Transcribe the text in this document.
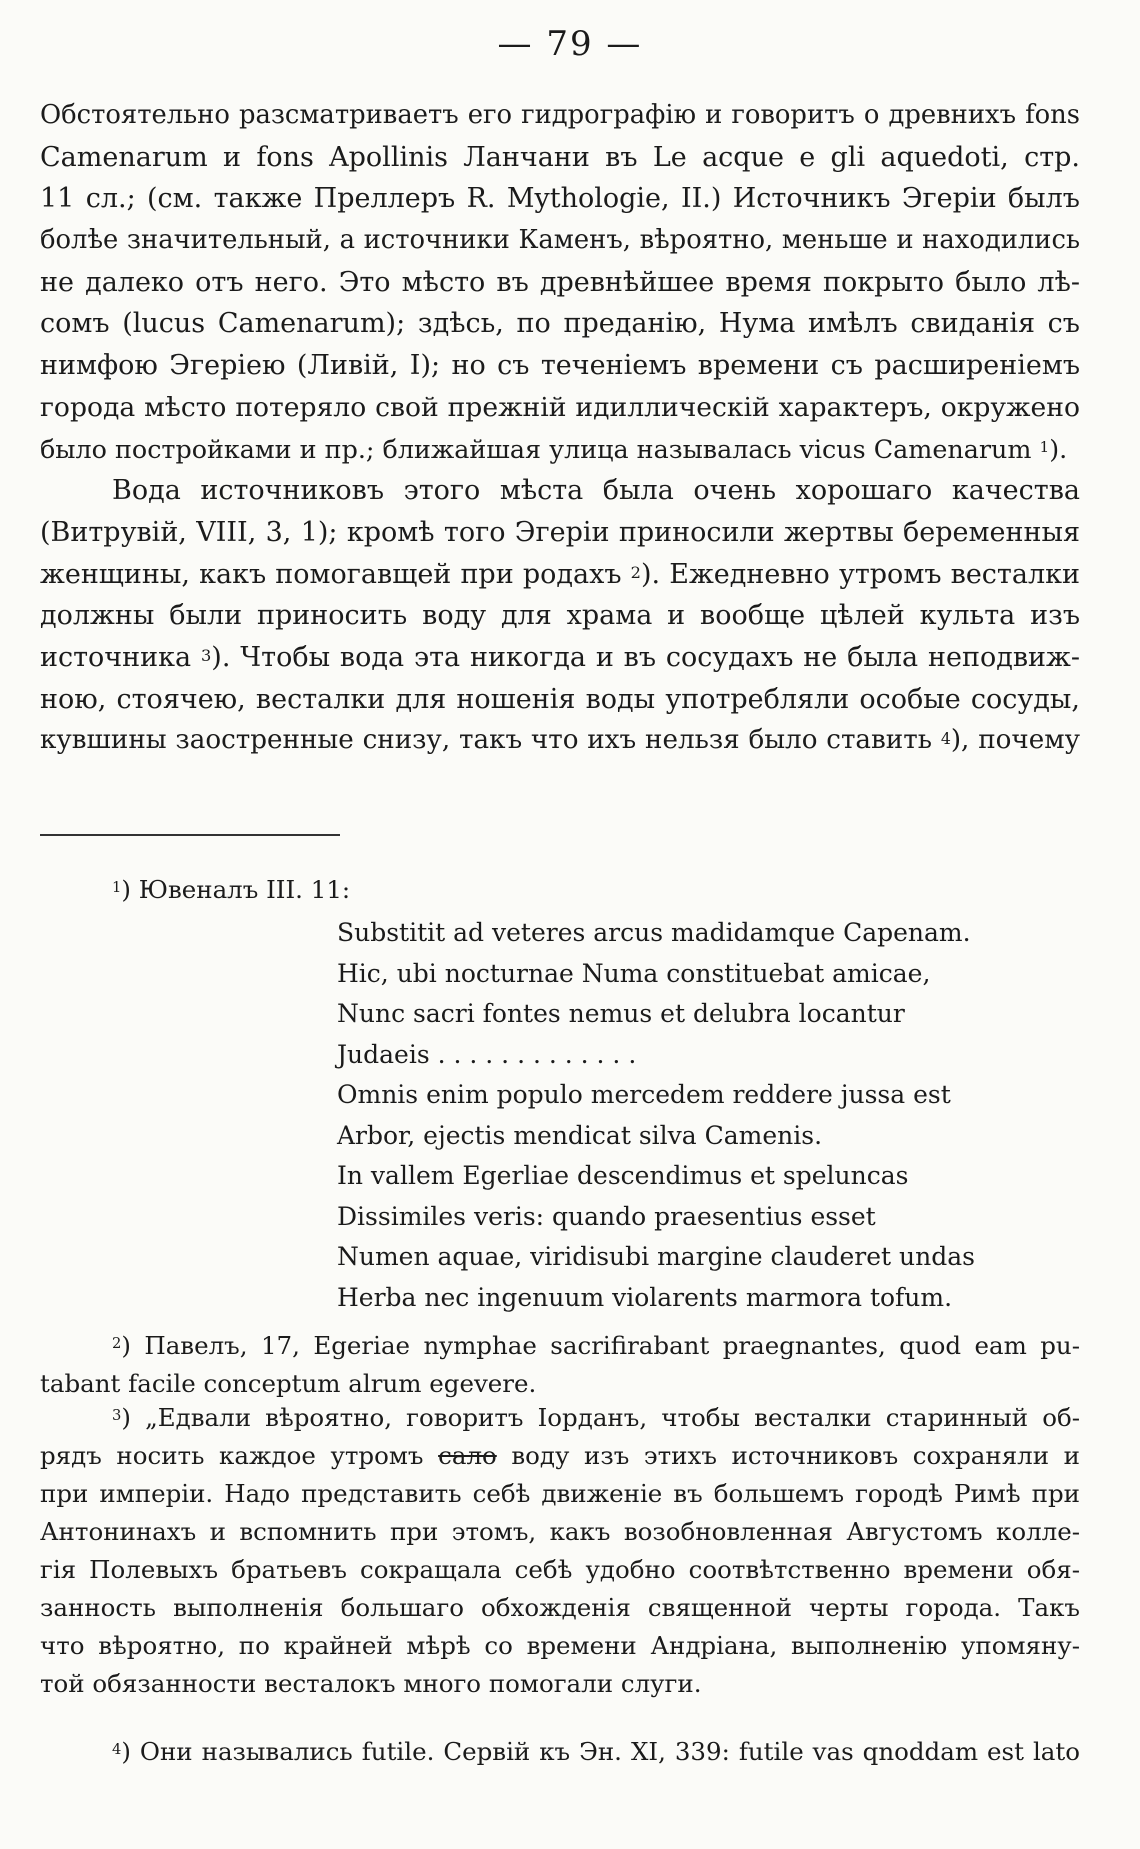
— 79 —
Обстоятельно разсматриваетъ его гидрографію и говоритъ о древнихъ fons
Camenarum и fons Apollinis Ланчани въ Le acque e gli aquedoti, стр.
11 сл.; (см. также Преллеръ R. Mythologie, II.) Источникъ Эгеріи былъ
болѣе значительный, а источники Каменъ, вѣроятно, меньше и находились
не далеко отъ него. Это мѣсто въ древнѣйшее время покрыто было лѣ-
сомъ (lucus Camenarum); здѣсь, по преданію, Нума имѣлъ свиданія съ
нимфою Эгеріею (Ливій, I); но съ теченіемъ времени съ расширеніемъ
города мѣсто потеряло свой прежній идиллическій характеръ, окружено
было постройками и пр.; ближайшая улица называлась vicus Camenarum $^1$).
Вода источниковъ этого мѣста была очень хорошаго качества
(Витрувій, VIII, 3, 1); кромѣ того Эгеріи приносили жертвы беременныя
женщины, какъ помогавщей при родахъ $^2$). Ежедневно утромъ весталки
должны были приносить воду для храма и вообще цѣлей культа изъ
источника $^3$). Чтобы вода эта никогда и въ сосудахъ не была неподвиж-
ною, стоячею, весталки для ношенія воды употребляли особые сосуды,
кувшины заостренные снизу, такъ что ихъ нельзя было ставить $^4$), почему
$^1$) Ювеналъ III. 11:
Substitit ad veteres arcus madidamque Capenam.
Hic, ubi nocturnae Numa constituebat amicae,
Nunc sacri fontes nemus et delubra locantur
Judaeis . . . . . . . . . . . . .
Omnis enim populo mercedem reddere jussa est
Arbor, ejectis mendicat silva Camenis.
In vallem Egerliae descendimus et speluncas
Dissimiles veris: quando praesentius esset
Numen aquae, viridisubi margine clauderet undas
Herba nec ingenuum violarents marmora tofum.
$^2$) Павелъ, 17, Egeriae nymphae sacrifirabant praegnantes, quod eam pu-
tabant facile conceptum alrum egevere.
$^3$) „Едвали вѣроятно, говоритъ Іорданъ, чтобы весталки старинный об-
рядъ носить каждое утромъ сало воду изъ этихъ источниковъ сохраняли и
при имперіи. Надо представить себѣ движеніе въ большемъ городѣ Римѣ при
Антонинахъ и вспомнить при этомъ, какъ возобновленная Августомъ колле-
гія Полевыхъ братьевъ сокращала себѣ удобно соотвѣтственно времени обя-
занность выполненія большаго обхожденія священной черты города. Такъ
что вѣроятно, по крайней мѣрѣ со времени Андріана, выполненію упомяну-
той обязанности весталокъ много помогали слуги.
$^4$) Они назывались futile. Сервій къ Эн. XI, 339: futile vas qnoddam est lato
